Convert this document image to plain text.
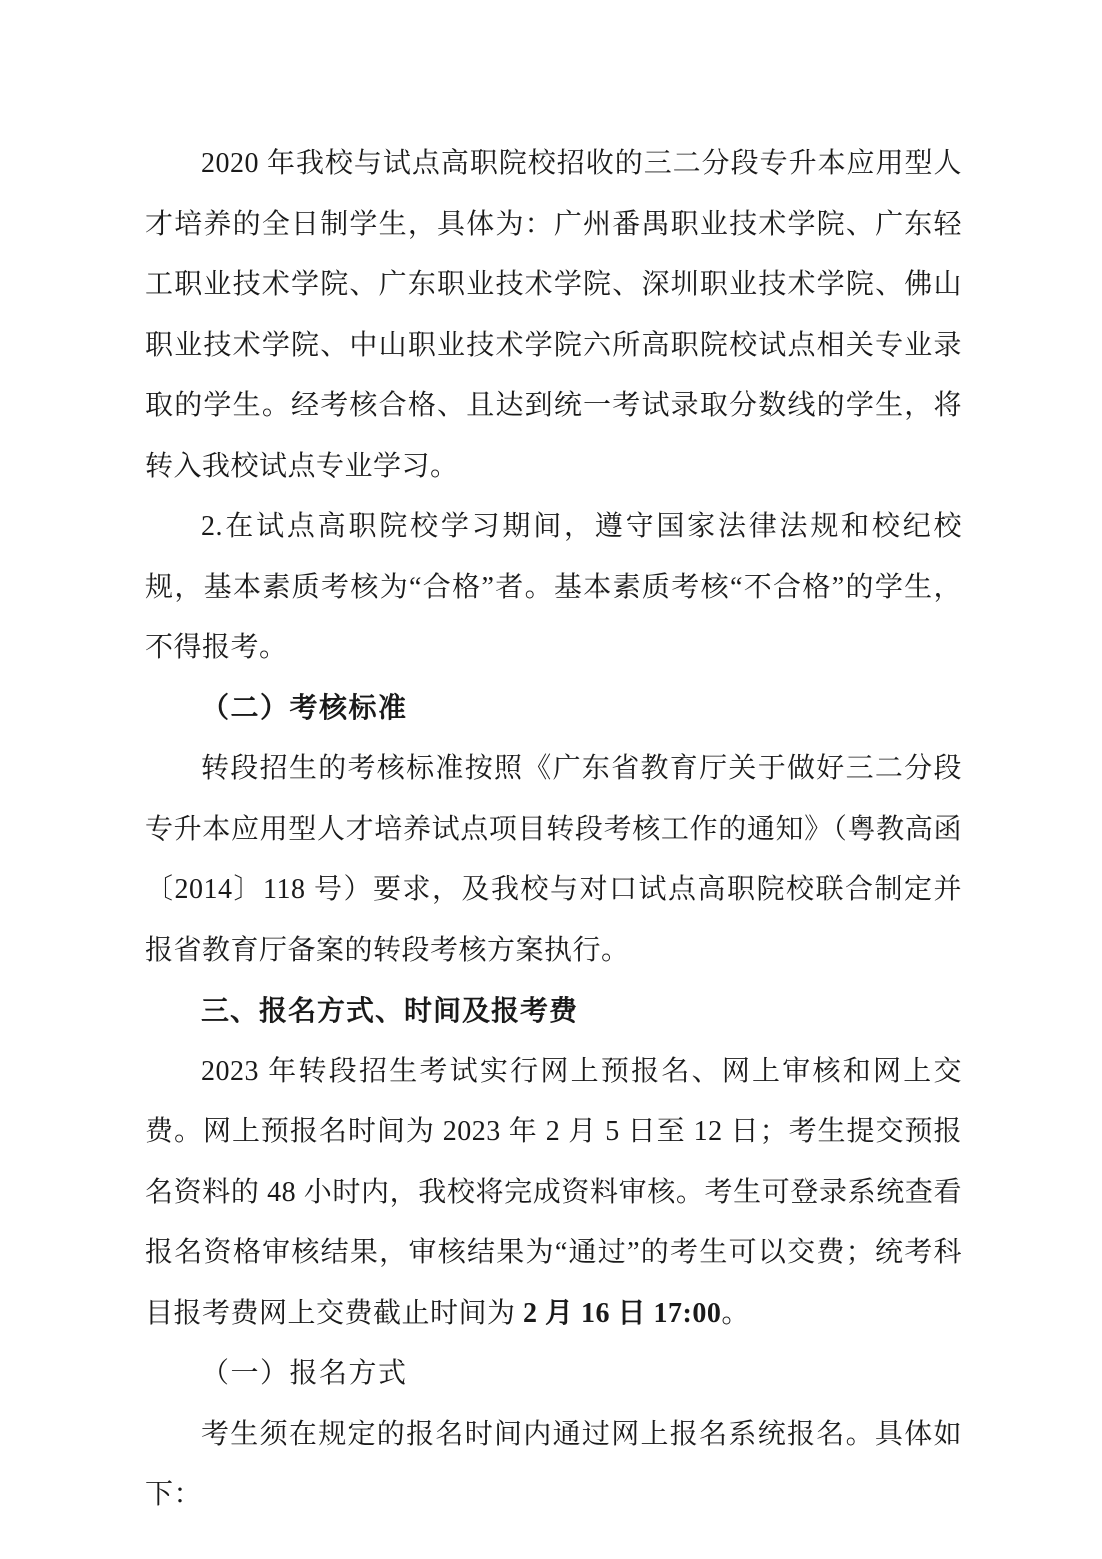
2020 年我校与试点高职院校招收的三二分段专升本应用型人才培养的全日制学生，具体为：广州番禺职业技术学院、广东轻工职业技术学院、广东职业技术学院、深圳职业技术学院、佛山职业技术学院、中山职业技术学院六所高职院校试点相关专业录取的学生。经考核合格、且达到统一考试录取分数线的学生，将转入我校试点专业学习。

2.在试点高职院校学习期间，遵守国家法律法规和校纪校规，基本素质考核为“合格”者。基本素质考核“不合格”的学生，不得报考。

（二）考核标准

转段招生的考核标准按照《广东省教育厅关于做好三二分段专升本应用型人才培养试点项目转段考核工作的通知》（粤教高函〔2014〕118 号）要求，及我校与对口试点高职院校联合制定并报省教育厅备案的转段考核方案执行。

三、报名方式、时间及报考费

2023 年转段招生考试实行网上预报名、网上审核和网上交费。网上预报名时间为 2023 年 2 月 5 日至 12 日；考生提交预报名资料的 48 小时内，我校将完成资料审核。考生可登录系统查看报名资格审核结果，审核结果为“通过”的考生可以交费；统考科目报考费网上交费截止时间为 2 月 16 日 17:00。

（一）报名方式

考生须在规定的报名时间内通过网上报名系统报名。具体如下：
